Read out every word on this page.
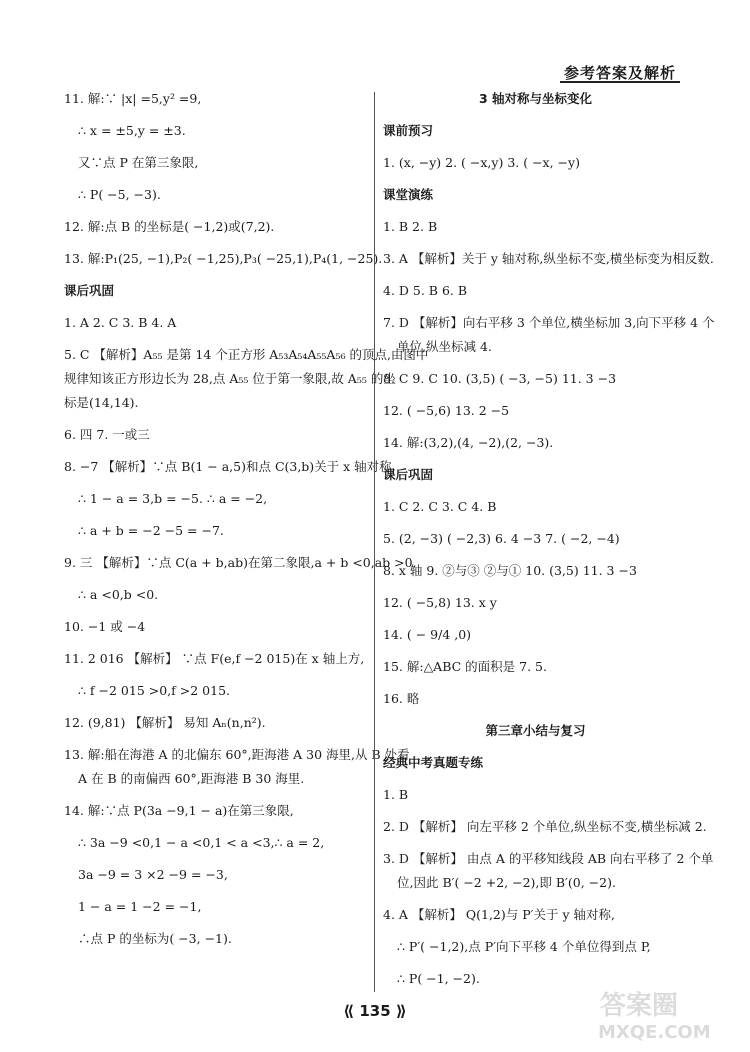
参考答案及解析
11. 解:∵ |x| =5,y² =9,
∴ x = ±5,y = ±3.
又∵点 P 在第三象限,
∴ P( −5, −3).
12. 解:点 B 的坐标是( −1,2)或(7,2).
13. 解:P₁(25, −1),P₂( −1,25),P₃( −25,1),P₄(1, −25).
课后巩固
1. A 2. C 3. B 4. A
5. C 【解析】A₅₅ 是第 14 个正方形 A₅₃A₅₄A₅₅A₅₆ 的顶点,由图中
规律知该正方形边长为 28,点 A₅₅ 位于第一象限,故 A₅₅ 的坐
标是(14,14).
6. 四 7. 一或三
8. −7 【解析】∵点 B(1 − a,5)和点 C(3,b)关于 x 轴对称,
∴ 1 − a = 3,b = −5. ∴ a = −2,
∴ a + b = −2 −5 = −7.
9. 三 【解析】∵点 C(a + b,ab)在第二象限,a + b <0,ab >0,
∴ a <0,b <0.
10. −1 或 −4
11. 2 016 【解析】 ∵点 F(e,f −2 015)在 x 轴上方,
∴ f −2 015 >0,f >2 015.
12. (9,81) 【解析】 易知 Aₙ(n,n²).
13. 解:船在海港 A 的北偏东 60°,距海港 A 30 海里,从 B 处看
A 在 B 的南偏西 60°,距海港 B 30 海里.
14. 解:∵点 P(3a −9,1 − a)在第三象限,
∴ 3a −9 <0,1 − a <0,1 < a <3,∴ a = 2,
3a −9 = 3 ×2 −9 = −3,
1 − a = 1 −2 = −1,
∴点 P 的坐标为( −3, −1).
3 轴对称与坐标变化
课前预习
1. (x, −y) 2. ( −x,y) 3. ( −x, −y)
课堂演练
1. B 2. B
3. A 【解析】关于 y 轴对称,纵坐标不变,横坐标变为相反数.
4. D 5. B 6. B
7. D 【解析】向右平移 3 个单位,横坐标加 3,向下平移 4 个
单位,纵坐标减 4.
8. C 9. C 10. (3,5) ( −3, −5) 11. 3 −3
12. ( −5,6) 13. 2 −5
14. 解:(3,2),(4, −2),(2, −3).
课后巩固
1. C 2. C 3. C 4. B
5. (2, −3) ( −2,3) 6. 4 −3 7. ( −2, −4)
8. x 轴 9. ②与③ ②与① 10. (3,5) 11. 3 −3
12. ( −5,8) 13. x y
14. ( − 9/4 ,0)
15. 解:△ABC 的面积是 7. 5.
16. 略
第三章小结与复习
经典中考真题专练
1. B
2. D 【解析】 向左平移 2 个单位,纵坐标不变,横坐标减 2.
3. D 【解析】 由点 A 的平移知线段 AB 向右平移了 2 个单
位,因此 B′( −2 +2, −2),即 B′(0, −2).
4. A 【解析】 Q(1,2)与 P′关于 y 轴对称,
∴ P′( −1,2),点 P′向下平移 4 个单位得到点 P,
∴ P( −1, −2).
⟪ 135 ⟫	答案圈
MXQE.COM
